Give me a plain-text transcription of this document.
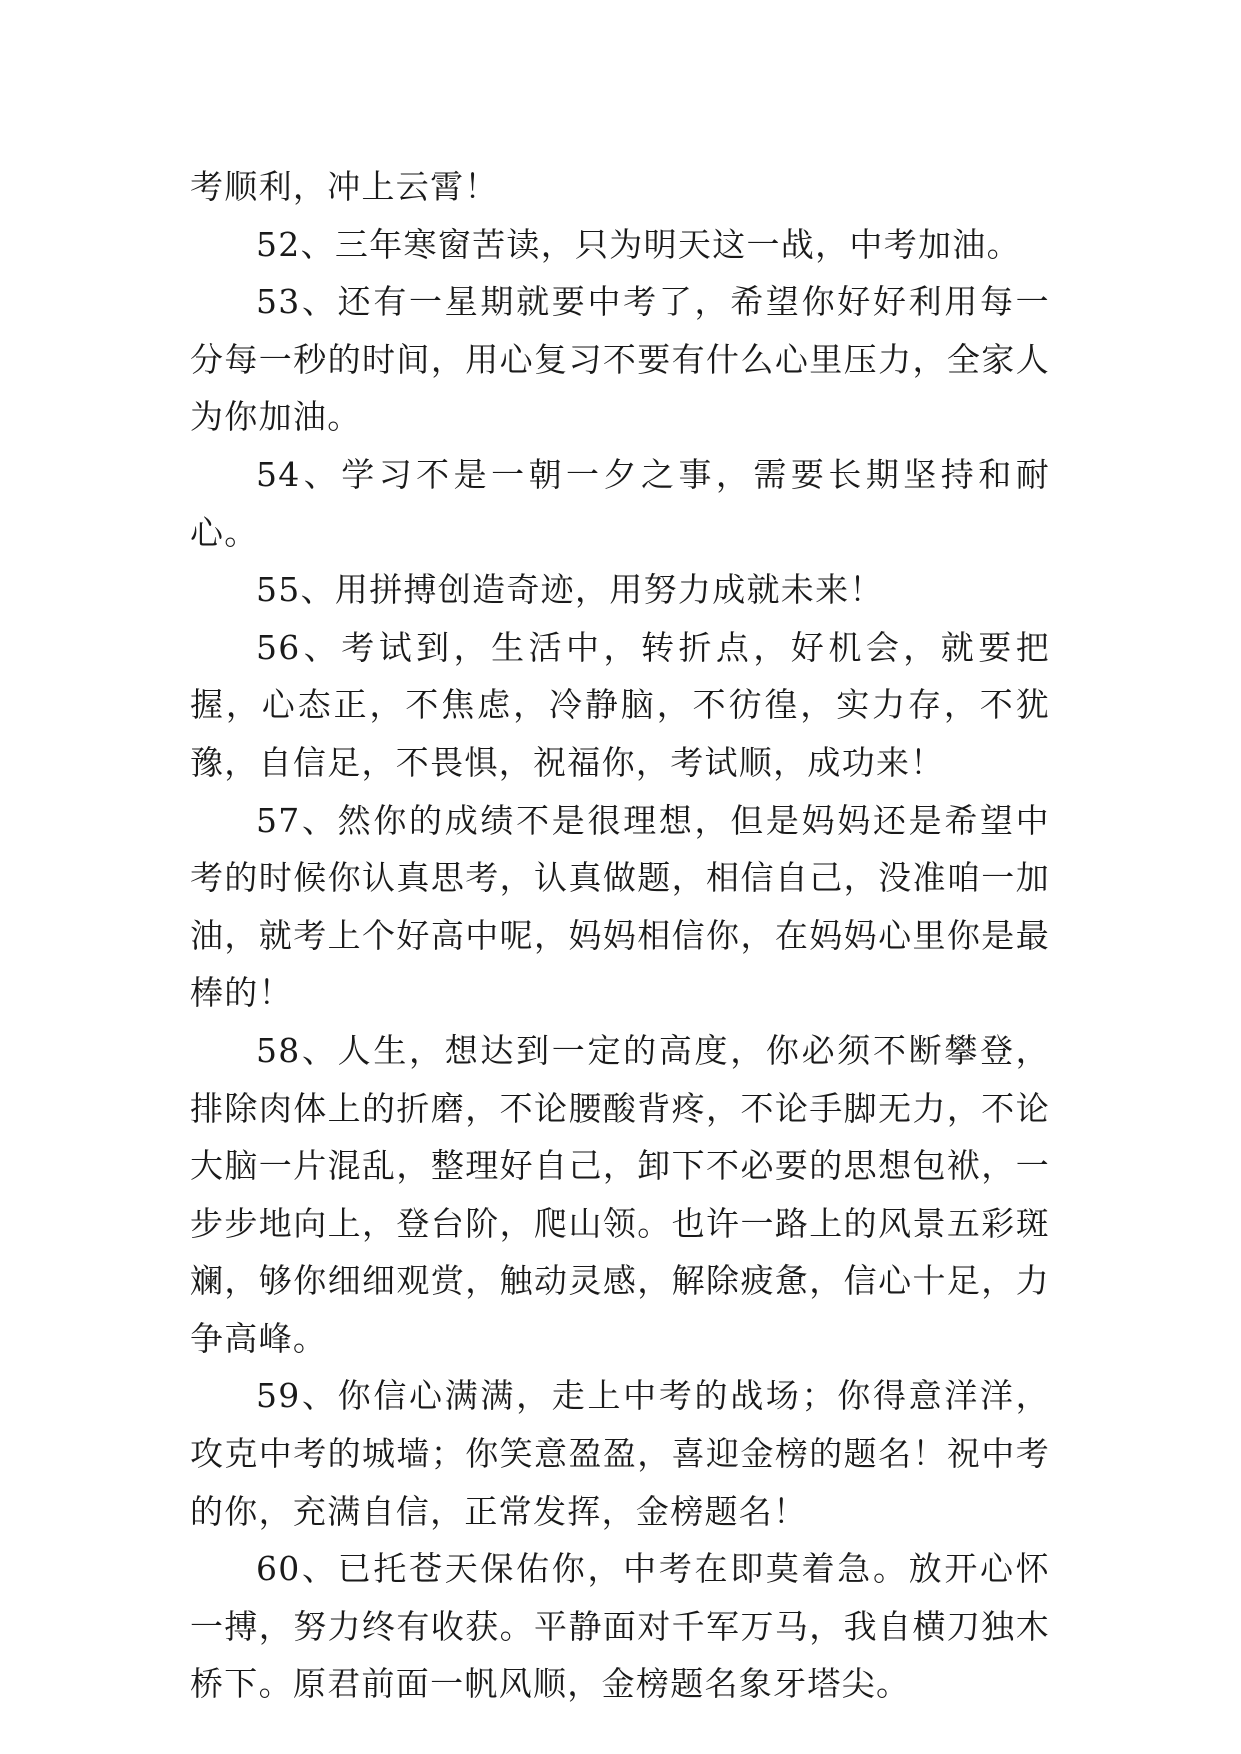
考顺利，冲上云霄！

52、三年寒窗苦读，只为明天这一战，中考加油。

53、还有一星期就要中考了，希望你好好利用每一分每一秒的时间，用心复习不要有什么心里压力，全家人为你加油。

54、学习不是一朝一夕之事，需要长期坚持和耐心。

55、用拼搏创造奇迹，用努力成就未来！

56、考试到，生活中，转折点，好机会，就要把握，心态正，不焦虑，冷静脑，不彷徨，实力存，不犹豫，自信足，不畏惧，祝福你，考试顺，成功来！

57、然你的成绩不是很理想，但是妈妈还是希望中考的时候你认真思考，认真做题，相信自己，没准咱一加油，就考上个好高中呢，妈妈相信你，在妈妈心里你是最棒的！

58、人生，想达到一定的高度，你必须不断攀登，排除肉体上的折磨，不论腰酸背疼，不论手脚无力，不论大脑一片混乱，整理好自己，卸下不必要的思想包袱，一步步地向上，登台阶，爬山领。也许一路上的风景五彩斑斓，够你细细观赏，触动灵感，解除疲惫，信心十足，力争高峰。

59、你信心满满，走上中考的战场；你得意洋洋，攻克中考的城墙；你笑意盈盈，喜迎金榜的题名！祝中考的你，充满自信，正常发挥，金榜题名！

60、已托苍天保佑你，中考在即莫着急。放开心怀一搏，努力终有收获。平静面对千军万马，我自横刀独木桥下。原君前面一帆风顺，金榜题名象牙塔尖。
